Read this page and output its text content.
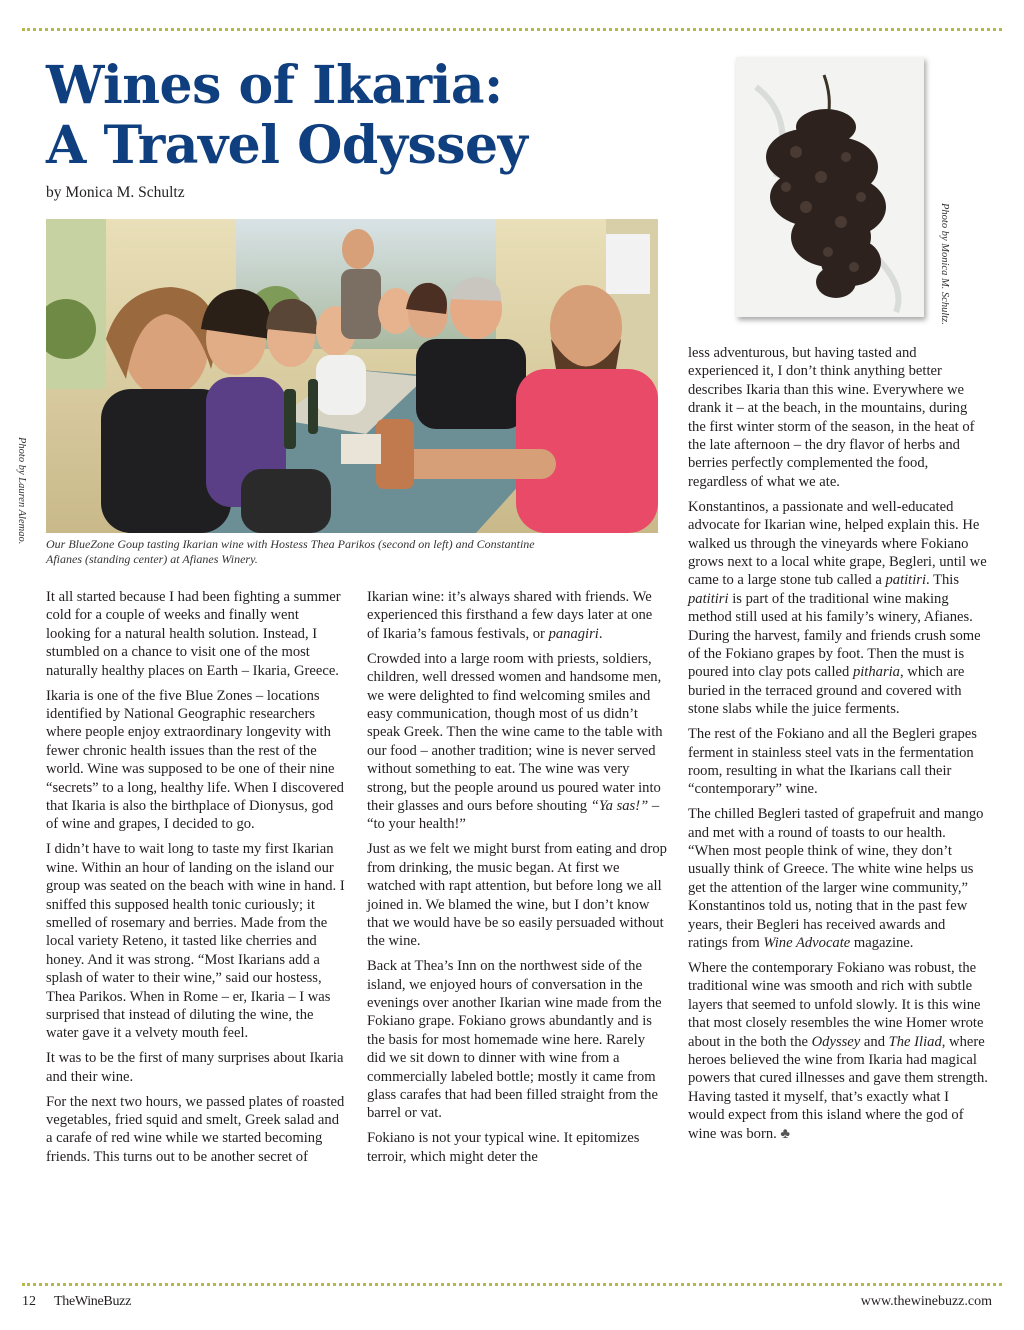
Wines of Ikaria:
A Travel Odyssey
by Monica M. Schultz
Photo by Lauren Alemao.
Photo by Monica M. Schultz.
Our BlueZone Goup tasting Ikarian wine with Hostess Thea Parikos (second on left) and Constantine
Afianes (standing center) at Afianes Winery.

It all started because I had been fighting a summer cold for a couple of weeks and finally went looking for a natural health solution. Instead, I stumbled on a chance to visit one of the most naturally healthy places on Earth – Ikaria, Greece.

Ikaria is one of the five Blue Zones – locations identified by National Geographic researchers where people enjoy extraordinary longevity with fewer chronic health issues than the rest of the world. Wine was supposed to be one of their nine “secrets” to a long, healthy life. When I discovered that Ikaria is also the birthplace of Dionysus, god of wine and grapes, I decided to go.

I didn’t have to wait long to taste my first Ikarian wine. Within an hour of landing on the island our group was seated on the beach with wine in hand. I sniffed this supposed health tonic curiously; it smelled of rosemary and berries. Made from the local variety Reteno, it tasted like cherries and honey. And it was strong. “Most Ikarians add a splash of water to their wine,” said our hostess, Thea Parikos. When in Rome – er, Ikaria – I was surprised that instead of diluting the wine, the water gave it a velvety mouth feel.

It was to be the first of many surprises about Ikaria and their wine.

For the next two hours, we passed plates of roasted vegetables, fried squid and smelt, Greek salad and a carafe of red wine while we started becoming friends. This turns out to be another secret of

Ikarian wine: it’s always shared with friends. We experienced this firsthand a few days later at one of Ikaria’s famous festivals, or panagiri.

Crowded into a large room with priests, soldiers, children, well dressed women and handsome men, we were delighted to find welcoming smiles and easy communication, though most of us didn’t speak Greek. Then the wine came to the table with our food – another tradition; wine is never served without something to eat. The wine was very strong, but the people around us poured water into their glasses and ours before shouting “Ya sas!” – “to your health!”

Just as we felt we might burst from eating and drop from drinking, the music began. At first we watched with rapt attention, but before long we all joined in. We blamed the wine, but I don’t know that we would have be so easily persuaded without the wine.

Back at Thea’s Inn on the northwest side of the island, we enjoyed hours of conversation in the evenings over another Ikarian wine made from the Fokiano grape. Fokiano grows abundantly and is the basis for most homemade wine here. Rarely did we sit down to dinner with wine from a commercially labeled bottle; mostly it came from glass carafes that had been filled straight from the barrel or vat.

Fokiano is not your typical wine. It epitomizes terroir, which might deter the

less adventurous, but having tasted and experienced it, I don’t think anything better describes Ikaria than this wine. Everywhere we drank it – at the beach, in the mountains, during the first winter storm of the season, in the heat of the late afternoon – the dry flavor of herbs and berries perfectly complemented the food, regardless of what we ate.

Konstantinos, a passionate and well-educated advocate for Ikarian wine, helped explain this. He walked us through the vineyards where Fokiano grows next to a local white grape, Begleri, until we came to a large stone tub called a patitiri. This patitiri is part of the traditional wine making method still used at his family’s winery, Afianes. During the harvest, family and friends crush some of the Fokiano grapes by foot. Then the must is poured into clay pots called pitharia, which are buried in the terraced ground and covered with stone slabs while the juice ferments.

The rest of the Fokiano and all the Begleri grapes ferment in stainless steel vats in the fermentation room, resulting in what the Ikarians call their “contemporary” wine.

The chilled Begleri tasted of grapefruit and mango and met with a round of toasts to our health. “When most people think of wine, they don’t usually think of Greece. The white wine helps us get the attention of the larger wine community,” Konstantinos told us, noting that in the past few years, their Begleri has received awards and ratings from Wine Advocate magazine.

Where the contemporary Fokiano was robust, the traditional wine was smooth and rich with subtle layers that seemed to unfold slowly. It is this wine that most closely resembles the wine Homer wrote about in the both the Odyssey and The Iliad, where heroes believed the wine from Ikaria had magical powers that cured illnesses and gave them strength. Having tasted it myself, that’s exactly what I would expect from this island where the god of wine was born. ♣

12 TheWineBuzz	www.thewinebuzz.com
